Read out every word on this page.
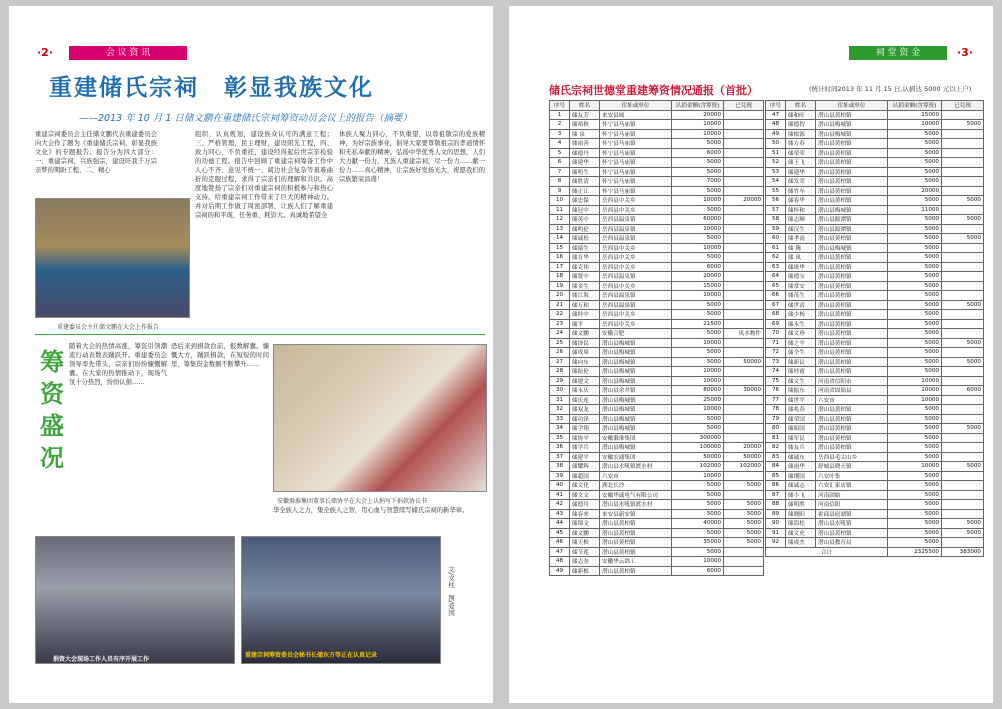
·2·	会 议 资 讯
重建储氏宗祠　彰显我族文化
——2013 年 10 月 1 日储文鹏在重建储氏宗祠筹资动员会议上的报告（摘要）
重建宗祠委员会主任储文鹏代表重建委员会向大会作了题为《重建储氏宗祠，彰显我族文化》的专题报告。报告分为四大部分：一、重建宗祠，兴族强宗，建设旺我千万宗亲梦的期盼工程，二、精心
重建委员会主任储文鹏在大会上作报告
组织，认真规划，建设族众认可的满意工程；三、严格管理，民主理财，建设阳光工程，四、致力同心，不负重托，建设经得起后世宗亲检验的功德工程。报告中回顾了重建宗祠筹备工作中人心不齐、意见不统一、阅边社会复杂等艰难曲折的克服过程，求得了宗亲们的理解和共识。高度地赞扬了宗亲们对重建宗祠的积极参与和热心支持。给重建宗祠工作带来了巨大的精神动力。并对后期工作做了周密部署，让族人们了解重建宗祠的和平现、任务重、耗资大。真诚地希望全
体族人聚力同心，不负重望，以尊祖敬宗的爱族精神，为好宗族事业，倡导大家要尊敬祖宗的孝道情怀和无私奉献的精神。弘扬中华优秀人文的思想，人们大力献一份力，凡族人重建宗祠，尽一份力……献一份力……真心精神，让宗族好发扬光大，祝愿我们的宗族繁荣昌盛！
筹资盛况
随着大会的热情高涨，筹资引领潮流行动表数表踊跃开。重建委员会领导率先带头，宗亲们纷纷慷慨解囊。在大家的热情推动下，现场气氛十分热烈，纷纷认捐……
恐后来到捐款台前，报数解囊。慷慨大方，踊跃捐款，在短短的时间里，筹集资金数额不断攀升……
安徽滁淮集团董事长储协平在大会上认捐写下捐款协议书
华全族人之力，集全族人之智，用心血与智慧续写储氏宗祠的新华章。
捐资大会现场工作人员有序开展工作
重建宗祠筹资委员会秘书长储东方等正在认真记录
文/文柱　图/爱国
祠 堂 资 金	·3·
储氏宗祠世德堂重建筹资情况通报（首批）	(统计时间2013 年 11 月 15 日,认捐达 5000 元以上户)
序号	姓名	住址或单位	认捐金额(含筹资)	已兑现
1	储友芳	来安县城	20000	
2	储裕秋	怀宁县马庙镇	10000	
3	储 泉	怀宁县马庙镇	10000	
4	储雨善	怀宁县马庙镇	5000	
5	储德丹	怀宁县马庙镇	6000	
6	储建华	怀宁县马庙镇	5000	
7	储明生	怀宁县马庙镇	5000	
8	储胜清	怀宁县马庙镇	7000	
9	储正江	怀宁县马庙镇	5000	
10	储忠保	岳西县中关乡	10000	20000
11	储冠中	岳西县中关乡	5000	
12	储英中	岳西县温泉镇	60000	
13	储明伦	岳西县温泉镇	10000	
14	储诚松	岳西县温泉镇	5000	
15	储瑞生	岳西县中关乡	10000	
16	储育华	岳西县中关乡	5000	
17	储克伟	岳西县中关乡	6000	
18	储贤中	岳西县温泉镇	20000	
19	储金生	岳西县中关乡	15000	
20	储江海	岳西县温泉镇	10000	
21	储万和	岳西县温泉镇	5000	
22	储桂中	岳西县中关乡	5000	
23	储平	岳西县中关乡	21500	
24	储文鹏	安徽合肥	5000	风水物件
25	储泽民	潜山县梅城镇	10000	
26	储成周	潜山县梅城镇	5000	
27	储向东	潜山县梅城镇	5000	50000
28	储振伦	潜山县梅城镇	10000	
29	储建文	潜山县梅城镇	10000	
30	储永庆	潜山县余井镇	80000	30000
31	储庆连	潜山县梅城镇	25000	
32	储双龙	潜山县梅城镇	10000	
33	储功泽	潜山县梅城镇	5000	
34	储学翔	潜山县梅城镇	5000	
35	储协平	安徽滁淮集团	300000	
36	储学兵	潜山县梅城镇	100000	20000
37	储建平	安徽宏通集团	50000	50000
38	储耀辉	潜山县水吼镇渡水村	102000	102000
39	储超国	六安市	10000	
40	储文化	湖北长沙	5000	5000
41	储文文	安徽华诚电气有限公司	5000	
42	储德川	潜山县水吼镇渡水村	5000	5000
43	储春来	来安县新安镇	5000	5000
44	储锦文	潜山县黄柏镇	40000	5000
45	储文鹏	潜山县黄柏镇	5000	5000
46	储天根	潜山县黄柏镇	35000	5000
47	储节莲	潜山县黄柏镇	5000	
48	储志奎	安徽华云鸽工	10000	
49	储新根	潜山县黄柏镇	6000	
序号	姓名	住址或单位	认捐金额(含筹资)	已兑现
47	储和旺	潜山县黄柏镇	15000	
48	储德智	潜山县梅城镇	10000	5000
49	储根源	潜山县梅城镇	5000	
50	储方春	潜山县黄柏镇	5000	
51	储荣荣	潜山县黄柏镇	5000	
52	储王飞	潜山县黄柏镇	5000	
53	储建华	潜山县黄柏镇	5000	
54	储发荣	潜山县黄柏镇	5000	
55	储竹车	潜山县黄柏镇	20000	
56	储春华	潜山县黄柏镇	5000	5000
57	储怀和	潜山县梅城镇	11000	
58	储志顺	潜山县源潭镇	5000	5000
59	储汉生	潜山县源潭镇	5000	
60	储孝南	潜山县黄柏镇	5000	5000
61	储 腾	潜山县梅城镇	5000	
62	储 凤	潜山县黄柏镇	5000	
63	储斑华	潜山县黄柏镇	5000	
64	储德宝	潜山县黄柏镇	5000	
65	储常安	潜山县黄柏镇	5000	
66	储茂生	潜山县黄柏镇	5000	
67	储世清	潜山县黄柏镇	5000	5000
68	储少杨	潜山县黄柏镇	5000	
69	储永生	潜山县黄柏镇	5000	
70	储文珍	潜山县黄柏镇	5000	
71	储之平	潜山县黄柏镇	5000	5000
72	储全生	潜山县黄柏镇	5000	
73	储新民	潜山县黄柏镇	5000	5000
74	储桂霞	潜山县黄柏镇	5000	
75	储文生	河南省信阳市	10000	
76	储振东	河南省固始县	10000	6000
77	储世平	六安市	10000	
78	储兆春	潜山县黄柏镇	5000	
79	储荣国	潜山县黄柏镇	5000	
80	储昭国	潜山县黄柏镇	5000	5000
81	储军民	潜山县黄柏镇	5000	
82	储友兵	潜山县黄柏镇	5000	
83	储诚东	岳西县毛尖山乡	5000	
84	储雨华	舒城县晓天镇	10000	5000
85	储纲国	六安叶集	5000	
86	储诚志	六安汇家店镇	5000	
87	储小飞	河南固始	5000	
88	储明胜	河南信阳	5000	
89	储晓阳	霍邱县扈湖镇	5000	
90	储海松	潜山县水吼镇	5000	5000
91	储文虎	潜山县黄柏镇	5000	5000
92	储成杰	潜山县教育局	5000	
合计			2325500	383000
